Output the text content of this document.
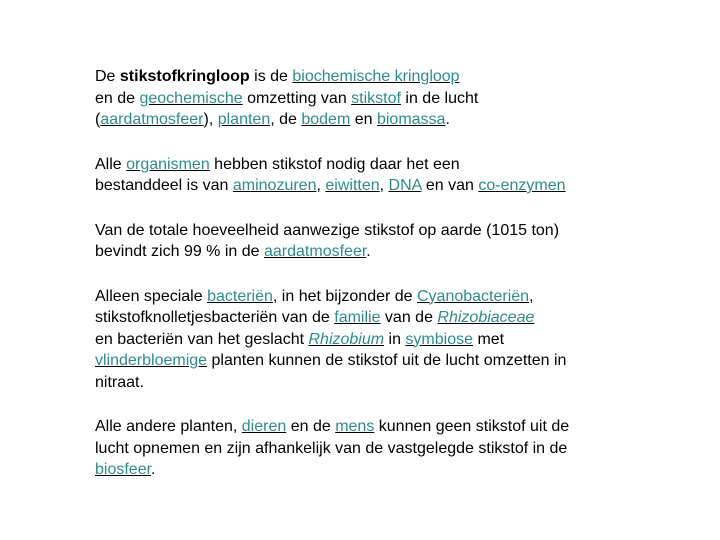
De stikstofkringloop is de biochemische kringloop
en de geochemische omzetting van stikstof in de lucht
(aardatmosfeer), planten, de bodem en biomassa.

Alle organismen hebben stikstof nodig daar het een
bestanddeel is van aminozuren, eiwitten, DNA en van co-enzymen

Van de totale hoeveelheid aanwezige stikstof op aarde (1015 ton)
bevindt zich 99 % in de aardatmosfeer.

Alleen speciale bacteriën, in het bijzonder de Cyanobacteriën,
stikstofknolletjesbacteriën van de familie van de Rhizobiaceae
en bacteriën van het geslacht Rhizobium in symbiose met
vlinderbloemige planten kunnen de stikstof uit de lucht omzetten in
nitraat.

Alle andere planten, dieren en de mens kunnen geen stikstof uit de
lucht opnemen en zijn afhankelijk van de vastgelegde stikstof in de
biosfeer.
